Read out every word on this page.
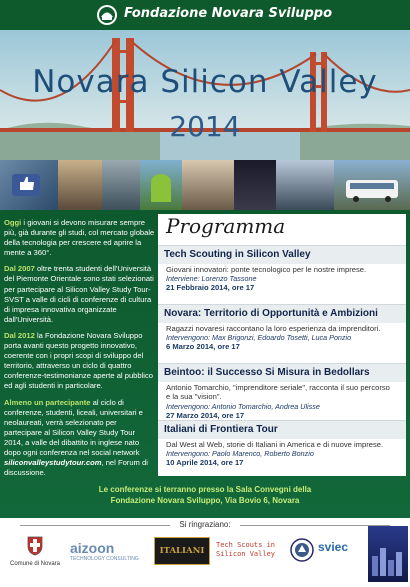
Fondazione Novara Sviluppo
Novara Silicon Valley
2014

Oggi i giovani si devono misurare sempre più, già durante gli studi, col mercato globale della tecnologia per crescere ed aprire la mente a 360°.

Dal 2007 oltre trenta studenti dell'Università del Piemonte Orientale sono stati selezionati per partecipare al Silicon Valley Study Tour-SVST a valle di cicli di conferenze di cultura di impresa innovativa organizzate dall'Università.

Dal 2012 la Fondazione Novara Sviluppo porta avanti questo progetto innovativo, coerente con i propri scopi di sviluppo del territorio, attraverso un ciclo di quattro conferenze-testimonianze aperte al pubblico ed agli studenti in particolare.

Almeno un partecipante al ciclo di conferenze, studenti, liceali, universitari e neolaureati, verrà selezionato per partecipare al Silicon Valley Study Tour 2014, a valle del dibattito in inglese nato dopo ogni conferenza nel social network siliconvalleystudytour.com, nel Forum di discussione.

Programma
Tech Scouting in Silicon Valley
Giovani innovatori: ponte tecnologico per le nostre imprese.
Interviene: Lorenzo Tassone
21 Febbraio 2014, ore 17
Novara: Territorio di Opportunità e Ambizioni
Ragazzi novaresi raccontano la loro esperienza da imprenditori.
Intervengono: Max Brigonzi, Edoardo Tosetti, Luca Ponzio
6 Marzo 2014, ore 17
Beintoo: il Successo Si Misura in Bedollars
Antonio Tomarchio, "imprenditore seriale", racconta il suo percorso e la sua "vision".
Intervengono: Antonio Tomarchio, Andrea Ulisse
27 Marzo 2014, ore 17
Italiani di Frontiera Tour
Dal West al Web, storie di Italiani in America e di nuove imprese.
Intervengono: Paolo Marenco, Roberto Bonzio
10 Aprile 2014, ore 17
Le conferenze si terranno presso la Sala Convegni della
Fondazione Novara Sviluppo, Via Bovio 6, Novara
Si ringraziano:
Comune di Novara
aizoon
TECHNOLOGY CONSULTING
ITALIANI
Tech Scouts in
Silicon Valley	sviec
